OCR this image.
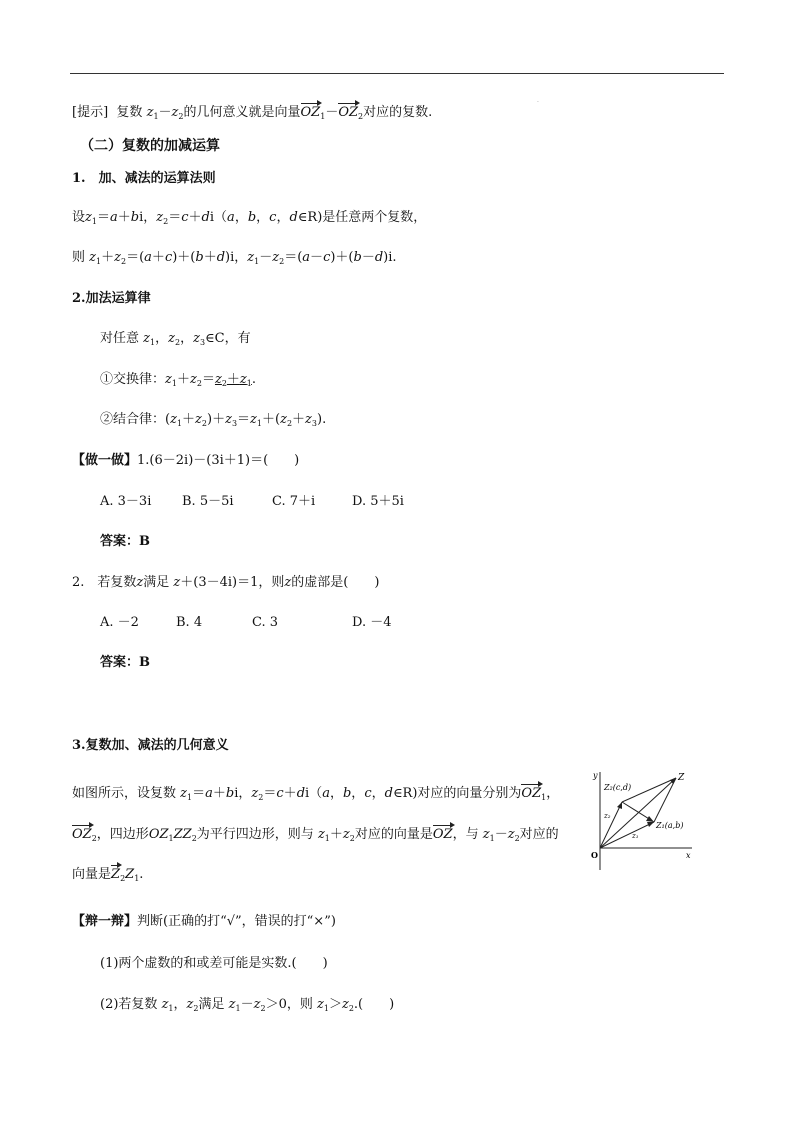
·
[提示] 复数 $z_1-z_2$的几何意义就是向量$OZ_1-OZ_2$对应的复数.
（二）复数的加减运算
1.　加、减法的运算法则
设$z_1=a+bi$，$z_2=c+di(a$，b，c，d∈R)是任意两个复数，
则 $z_1+z_2=(a+c)+(b+d)i$，$z_1-z_2=(a-c)+(b-d)i$.
2.加法运算律
对任意 $z_1$，$z_2$，$z_3\in C$，有
①交换律：$z_1+z_2=z_2+z_1$.
②结合律：$(z_1+z_2)+z_3=z_1+(z_2+z_3)$.
【做一做】1.(6－2i)－(3i＋1)＝(　　)
A. 3－3i B. 5－5i	C. 7＋i	D. 5＋5i
答案：B
2.　若复数z满足 z＋(3－4i)＝1，则z的虚部是(　　)
A. －2	B. 4	C. 3	D. －4
答案：B
3.复数加、减法的几何意义
如图所示，设复数 $z_1=a+bi$，$z_2=c+di(a$，b，c，d∈R)对应的向量分别为$OZ_1$，
$OZ_2$，四边形$OZ_1ZZ_2$为平行四边形，则与 $z_1+z_2$对应的向量是OZ，与 $z_1-z_2$对应的
向量是$Z_2Z_1$.
y
x
O
Z
Z₂(c,d)
Z₁(a,b)
z₂
z₁
【辩一辩】判断(正确的打“√”，错误的打“×”)
(1)两个虚数的和或差可能是实数.(　　)
(2)若复数 $z_1$，$z_2$满足 $z_1-z_2>0$，则 $z_1>z_2$.(　　)
